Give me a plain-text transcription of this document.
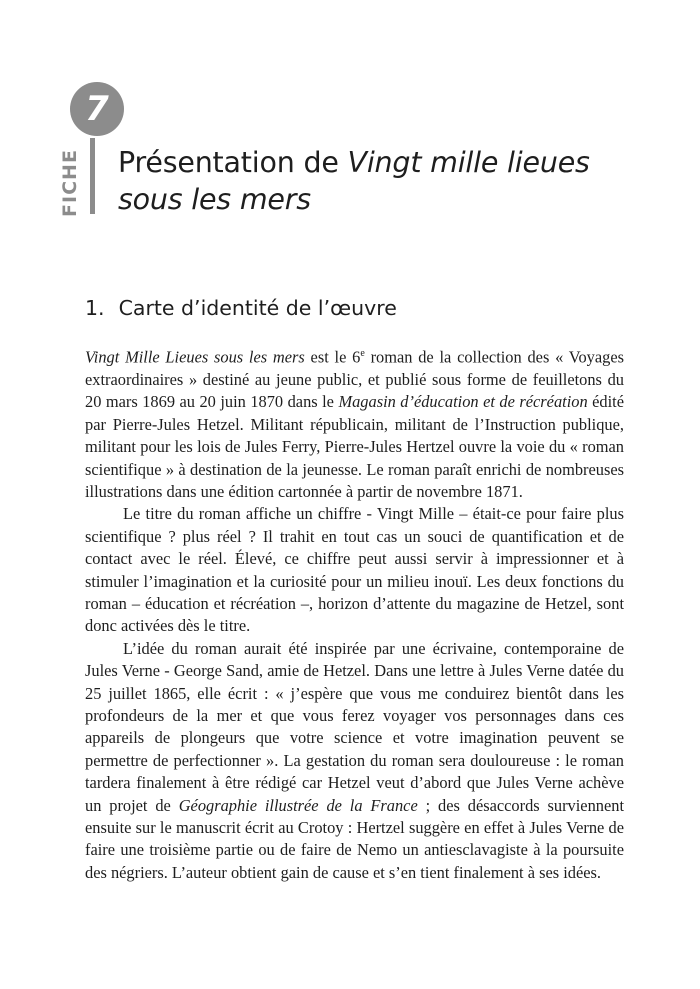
7
FICHE Présentation de Vingt mille lieues sous les mers
1. Carte d’identité de l’œuvre

Vingt Mille Lieues sous les mers est le 6e roman de la collection des « Voyages extraordinaires » destiné au jeune public, et publié sous forme de feuilletons du 20 mars 1869 au 20 juin 1870 dans le Magasin d’éducation et de récréation édité par Pierre-Jules Hetzel. Militant républicain, militant de l’Instruction publique, militant pour les lois de Jules Ferry, Pierre-Jules Hertzel ouvre la voie du « roman scientifique » à destination de la jeunesse. Le roman paraît enrichi de nombreuses illustrations dans une édition cartonnée à partir de novembre 1871.

Le titre du roman affiche un chiffre - Vingt Mille – était-ce pour faire plus scientifique ? plus réel ? Il trahit en tout cas un souci de quantification et de contact avec le réel. Élevé, ce chiffre peut aussi servir à impressionner et à stimuler l’imagination et la curiosité pour un milieu inouï. Les deux fonctions du roman – éducation et récréation –, horizon d’attente du magazine de Hetzel, sont donc activées dès le titre.

L’idée du roman aurait été inspirée par une écrivaine, contemporaine de Jules Verne - George Sand, amie de Hetzel. Dans une lettre à Jules Verne datée du 25 juillet 1865, elle écrit : « j’espère que vous me conduirez bientôt dans les profondeurs de la mer et que vous ferez voyager vos personnages dans ces appareils de plongeurs que votre science et votre imagination peuvent se permettre de perfectionner ». La gestation du roman sera douloureuse : le roman tardera finalement à être rédigé car Hetzel veut d’abord que Jules Verne achève un projet de Géographie illustrée de la France ; des désaccords surviennent ensuite sur le manuscrit écrit au Crotoy : Hertzel suggère en effet à Jules Verne de faire une troisième partie ou de faire de Nemo un antiesclavagiste à la poursuite des négriers. L’auteur obtient gain de cause et s’en tient finalement à ses idées.
